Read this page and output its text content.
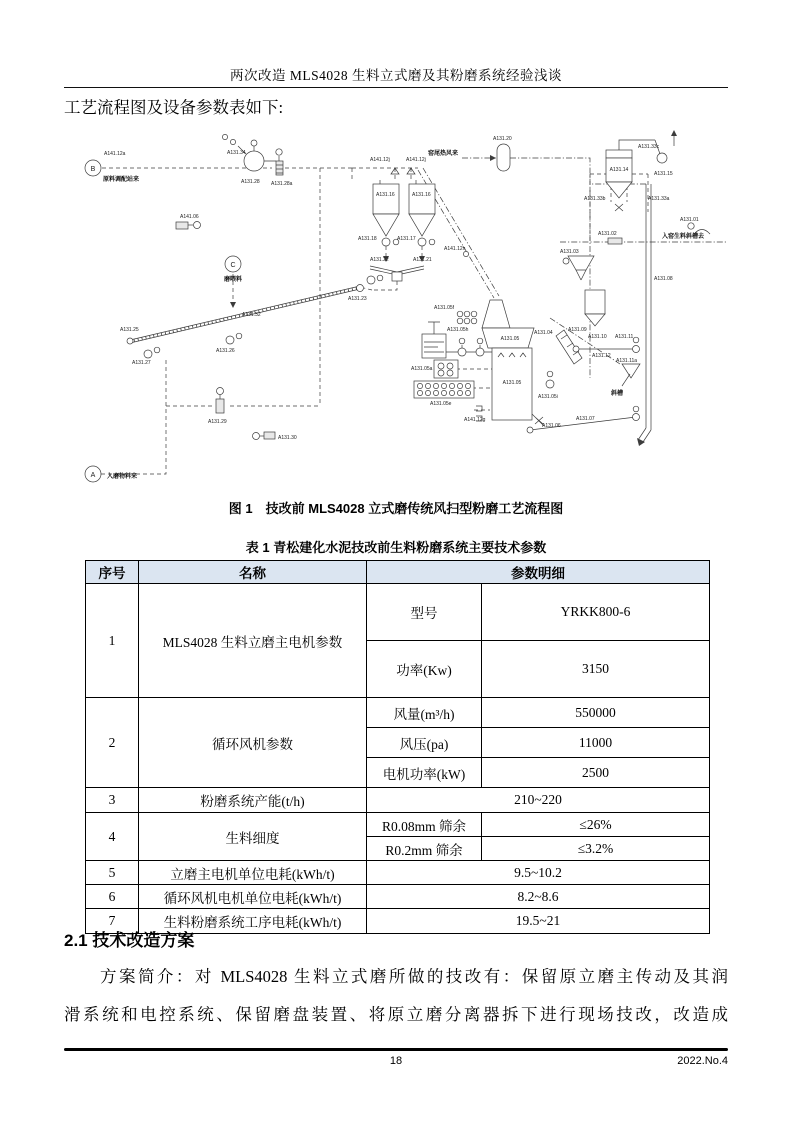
两次改造 MLS4028 生料立式磨及其粉磨系统经验浅谈
工艺流程图及设备参数表如下:
A141.12a
B
原料调配站来
A131.34
A131.28 A131.28a
A141.06
A141.12j	A141.12j
A131.16	A131.16
A131.18	A131.17
A131.22	A131.21
A141.12h
A131.23
A131.32
A131.25
A131.26
A131.27
C
磨喂料
A131.29
A131.30
A 入磨物料来
A131.20
窑尾热风来
A131.05f
A131.05
A131.05
A131.05h
A131.05a
A131.05e
A141.12g
A131.05i
A131.06
A131.07
A131.04
A131.03
A131.02
A131.09
A131.10 A131.11
A131.12
A131.11a
斜槽
A131.14
A131.33c
A131.15
A131.33b	A131.33a
A131.08
A131.01
入窑生料斜槽去
图 1　技改前 MLS4028 立式磨传统风扫型粉磨工艺流程图
表 1 青松建化水泥技改前生料粉磨系统主要技术参数
序号	名称	参数明细	
1	MLS4028 生料立磨主电机参数	型号	YRKK800-6
		功率(Kw)	3150
2	循环风机参数	风量(m³/h)	550000
		风压(pa)	11000
		电机功率(kW)	2500
3	粉磨系统产能(t/h)	210~220	
4	生料细度	R0.08mm 筛余	≤26%
		R0.2mm 筛余	≤3.2%
5	立磨主电机单位电耗(kWh/t)	9.5~10.2	
6	循环风机电机单位电耗(kWh/t)	8.2~8.6	
7	生料粉磨系统工序电耗(kWh/t)	19.5~21	
2.1 技术改造方案
方案简介：对 MLS4028 生料立式磨所做的技改有：保留原立磨主传动及其润
滑系统和电控系统、保留磨盘装置、将原立磨分离器拆下进行现场技改，改造成
18	2022.No.4
